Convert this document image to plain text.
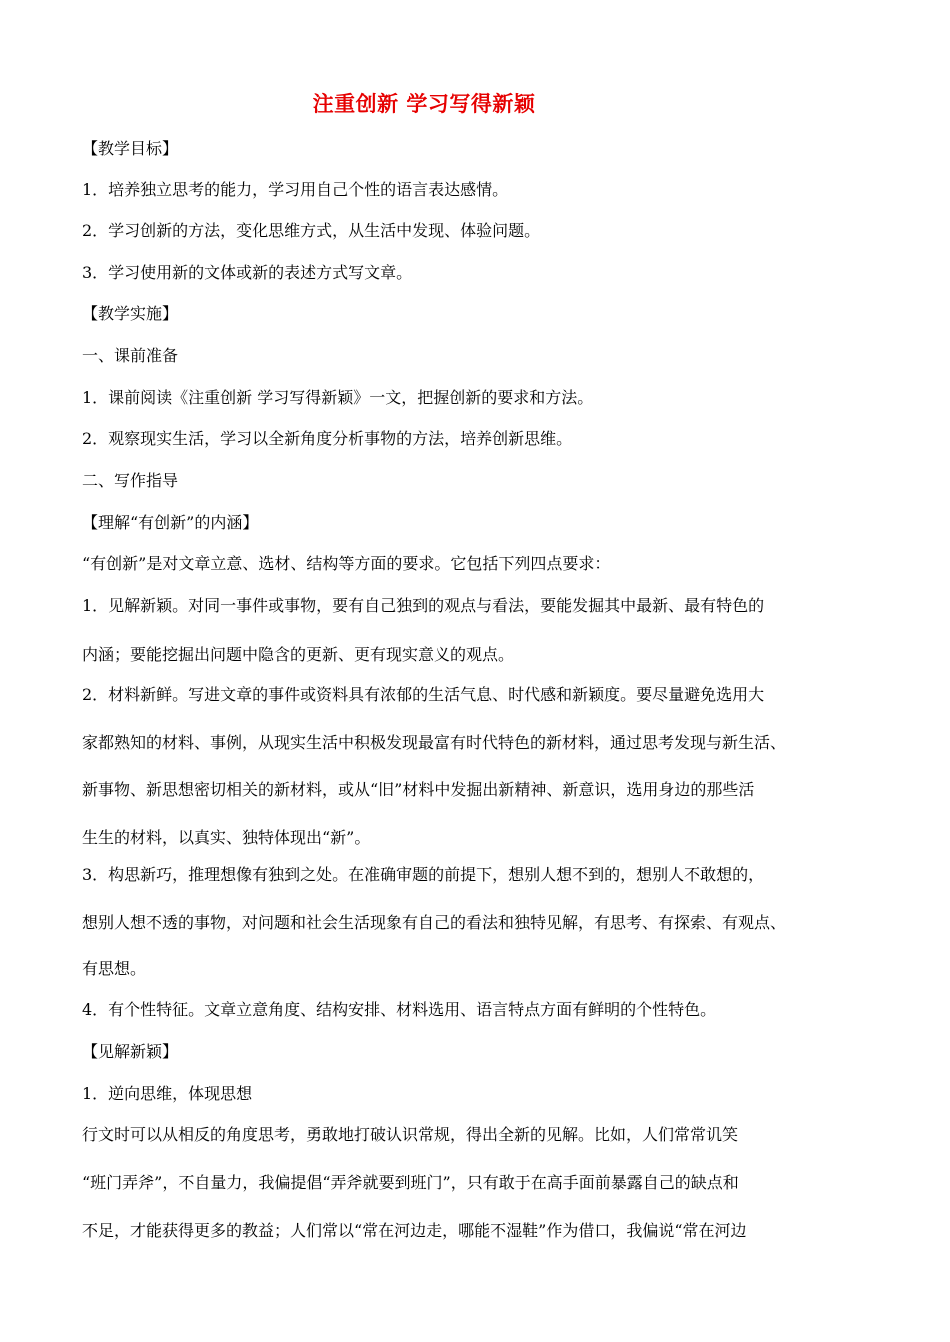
注重创新 学习写得新颖

【教学目标】

1．培养独立思考的能力，学习用自己个性的语言表达感情。

2．学习创新的方法，变化思维方式，从生活中发现、体验问题。

3．学习使用新的文体或新的表述方式写文章。

【教学实施】

一、课前准备

1．课前阅读《注重创新 学习写得新颖》一文，把握创新的要求和方法。

2．观察现实生活，学习以全新角度分析事物的方法，培养创新思维。

二、写作指导

【理解“有创新”的内涵】

“有创新”是对文章立意、选材、结构等方面的要求。它包括下列四点要求：

1．见解新颖。对同一事件或事物，要有自己独到的观点与看法，要能发掘其中最新、最有特色的

内涵；要能挖掘出问题中隐含的更新、更有现实意义的观点。

2．材料新鲜。写进文章的事件或资料具有浓郁的生活气息、时代感和新颖度。要尽量避免选用大

家都熟知的材料、事例，从现实生活中积极发现最富有时代特色的新材料，通过思考发现与新生活、

新事物、新思想密切相关的新材料，或从“旧”材料中发掘出新精神、新意识，选用身边的那些活

生生的材料，以真实、独特体现出“新”。

3．构思新巧，推理想像有独到之处。在准确审题的前提下，想别人想不到的，想别人不敢想的，

想别人想不透的事物，对问题和社会生活现象有自己的看法和独特见解，有思考、有探索、有观点、

有思想。

4．有个性特征。文章立意角度、结构安排、材料选用、语言特点方面有鲜明的个性特色。

【见解新颖】

1．逆向思维，体现思想

行文时可以从相反的角度思考，勇敢地打破认识常规，得出全新的见解。比如，人们常常讥笑

“班门弄斧”，不自量力，我偏提倡“弄斧就要到班门”，只有敢于在高手面前暴露自己的缺点和

不足，才能获得更多的教益；人们常以“常在河边走，哪能不湿鞋”作为借口，我偏说“常在河边
